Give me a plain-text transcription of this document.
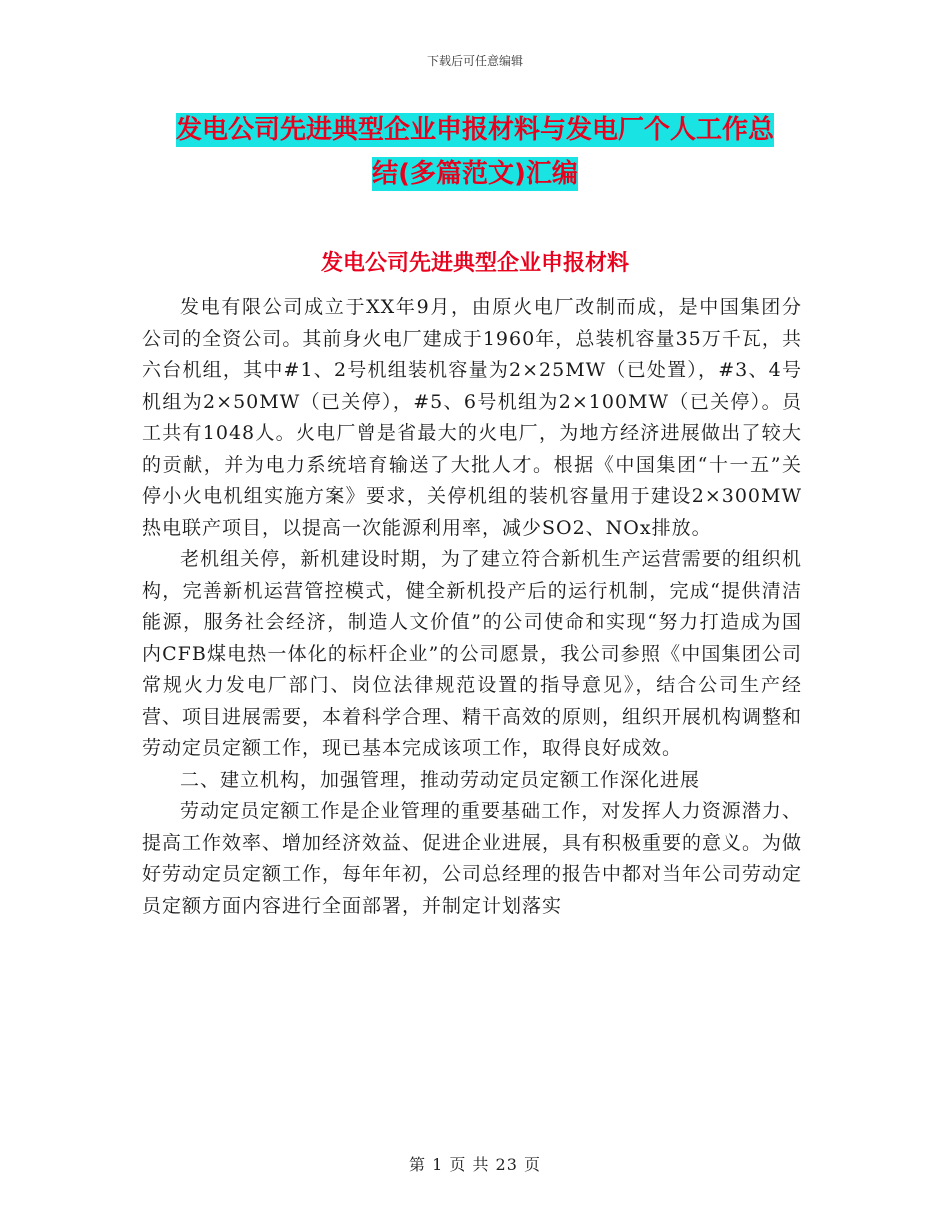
下载后可任意编辑
发电公司先进典型企业申报材料与发电厂个人工作总
结(多篇范文)汇编
发电公司先进典型企业申报材料

发电有限公司成立于XX年9月，由原火电厂改制而成，是中国集团分公司的全资公司。其前身火电厂建成于1960年，总装机容量35万千瓦，共六台机组，其中#1、2号机组装机容量为2×25MW（已处置），#3、4号机组为2×50MW（已关停），#5、6号机组为2×100MW（已关停）。员工共有1048人。火电厂曾是省最大的火电厂，为地方经济进展做出了较大的贡献，并为电力系统培育输送了大批人才。根据《中国集团“十一五”关停小火电机组实施方案》要求，关停机组的装机容量用于建设2×300MW热电联产项目，以提高一次能源利用率，减少SO2、NOx排放。

老机组关停，新机建设时期，为了建立符合新机生产运营需要的组织机构，完善新机运营管控模式，健全新机投产后的运行机制，完成“提供清洁能源，服务社会经济，制造人文价值”的公司使命和实现“努力打造成为国内CFB煤电热一体化的标杆企业”的公司愿景，我公司参照《中国集团公司常规火力发电厂部门、岗位法律规范设置的指导意见》，结合公司生产经营、项目进展需要，本着科学合理、精干高效的原则，组织开展机构调整和劳动定员定额工作，现已基本完成该项工作，取得良好成效。

二、建立机构，加强管理，推动劳动定员定额工作深化进展

劳动定员定额工作是企业管理的重要基础工作，对发挥人力资源潜力、提高工作效率、增加经济效益、促进企业进展，具有积极重要的意义。为做好劳动定员定额工作，每年年初，公司总经理的报告中都对当年公司劳动定员定额方面内容进行全面部署，并制定计划落实

第 1 页 共 23 页
